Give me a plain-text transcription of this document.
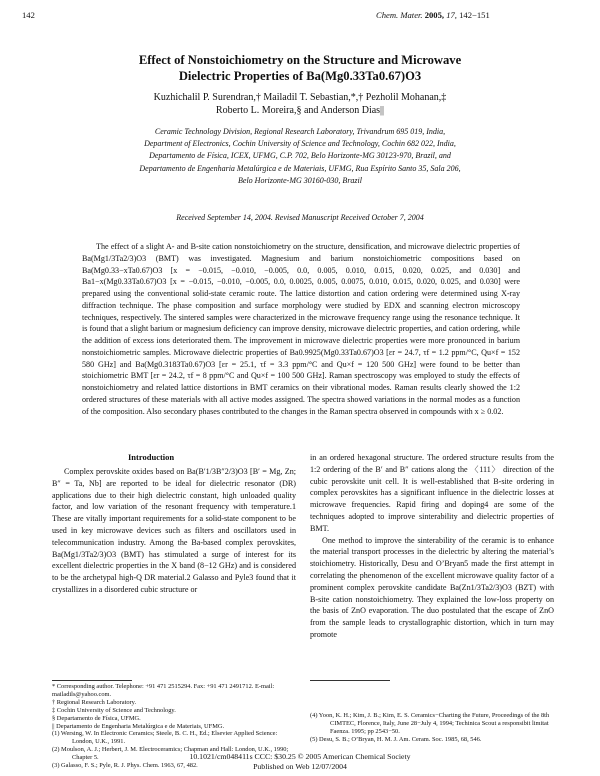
142	Chem. Mater. 2005, 17, 142−151
Effect of Nonstoichiometry on the Structure and Microwave
Dielectric Properties of Ba(Mg0.33Ta0.67)O3
Kuzhichalil P. Surendran,† Mailadil T. Sebastian,*,† Pezholil Mohanan,‡
Roberto L. Moreira,§ and Anderson Dias||
Ceramic Technology Division, Regional Research Laboratory, Trivandrum 695 019, India,
Department of Electronics, Cochin University of Science and Technology, Cochin 682 022, India,
Departamento de Física, ICEX, UFMG, C.P. 702, Belo Horizonte-MG 30123-970, Brazil, and
Departamento de Engenharia Metalúrgica e de Materiais, UFMG, Rua Espírito Santo 35, Sala 206,
Belo Horizonte-MG 30160-030, Brazil
Received September 14, 2004. Revised Manuscript Received October 7, 2004
The effect of a slight A- and B-site cation nonstoichiometry on the structure, densification, and microwave dielectric properties of Ba(Mg1/3Ta2/3)O3 (BMT) was investigated. Magnesium and barium nonstoichiometric compositions based on Ba(Mg0.33−xTa0.67)O3 [x = −0.015, −0.010, −0.005, 0.0, 0.005, 0.010, 0.015, 0.020, 0.025, and 0.030] and Ba1−x(Mg0.33Ta0.67)O3 [x = −0.015, −0.010, −0.005, 0.0, 0.0025, 0.005, 0.0075, 0.010, 0.015, 0.020, 0.025, and 0.030] were prepared using the conventional solid-state ceramic route. The lattice distortion and cation ordering were determined using X-ray diffraction technique. The phase composition and surface morphology were studied by EDX and scanning electron microscopy techniques, respectively. The sintered samples were characterized in the microwave frequency range using the resonance technique. It is found that a slight barium or magnesium deficiency can improve density, microwave dielectric properties, and cation ordering, while the addition of excess ions deteriorated them. The improvement in microwave dielectric properties were more pronounced in barium nonstoichiometric samples. Microwave dielectric properties of Ba0.9925(Mg0.33Ta0.67)O3 [εr = 24.7, τf = 1.2 ppm/°C, Qu×f = 152 580 GHz] and Ba(Mg0.3183Ta0.67)O3 [εr = 25.1, τf = 3.3 ppm/°C and Qu×f = 120 500 GHz] were found to be better than stoichiometric BMT [εr = 24.2, τf = 8 ppm/°C and Qu×f = 100 500 GHz]. Raman spectroscopy was employed to study the effects of nonstoichiometry and related lattice distortions in BMT ceramics on their vibrational modes. Raman results clearly showed the 1:2 ordered structures of these materials with all active modes assigned. The spectra showed variations in the normal modes as a function of the composition. Also secondary phases contributed to the changes in the Raman spectra observed in compounds with x ≥ 0.02.
Introduction

Complex perovskite oxides based on Ba(B′1/3B″2/3)O3 [B′ = Mg, Zn; B″ = Ta, Nb] are reported to be ideal for dielectric resonator (DR) applications due to their high dielectric constant, high unloaded quality factor, and low variation of the resonant frequency with temperature.1 These are vitally important requirements for a solid-state component to be used in key microwave devices such as filters and oscillators used in telecommunication industry. Among the Ba-based complex perovskites, Ba(Mg1/3Ta2/3)O3 (BMT) has stimulated a surge of interest for its excellent dielectric properties in the X band (8−12 GHz) and is considered to be the archetypal high-Q DR material.2 Galasso and Pyle3 found that it crystallizes in a disordered cubic structure or

in an ordered hexagonal structure. The ordered structure results from the 1:2 ordering of the B′ and B″ cations along the 〈111〉 direction of the cubic perovskite unit cell. It is well-established that B-site ordering in complex perovskites has a significant influence in the dielectric losses at microwave frequencies. Rapid firing and doping4 are some of the techniques adopted to improve sinterability and dielectric properties of BMT.

One method to improve the sinterability of the ceramic is to enhance the material transport processes in the dielectric by altering the material’s stoichiometry. Historically, Desu and O’Bryan5 made the first attempt in correlating the phenomenon of the excellent microwave quality factor of a prominent complex perovskite candidate Ba(Zn1/3Ta2/3)O3 (BZT) with B-site cation nonstoichiometry. They explained the low-loss property on the basis of ZnO evaporation. The duo postulated that the escape of ZnO from the sample leads to crystallographic distortion, which in turn may promote

* Corresponding author. Telephone: +91 471 2515294. Fax: +91 471 2491712. E-mail: mailadils@yahoo.com.
† Regional Research Laboratory.
‡ Cochin University of Science and Technology.
§ Departamento de Física, UFMG.
|| Departamento de Engenharia Metalúrgica e de Materiais, UFMG.
(1) Wersing, W. In Electronic Ceramics; Steele, B. C. H., Ed.; Elsevier Applied Science: London, U.K., 1991.
(2) Moulson, A. J.; Herbert, J. M. Electroceramics; Chapman and Hall: London, U.K., 1990; Chapter 5.
(3) Galasso, F. S.; Pyle, R. J. Phys. Chem. 1963, 67, 482.
(4) Yoon, K. H.; Kim, J. B.; Kim, E. S. Ceramics−Charting the Future, Proceedings of the 8th CIMTEC, Florence, Italy, June 28−July 4, 1994; Techinica Scout a responsibit limitat Faenza. 1995; pp 2543−50.
(5) Desu, S. B.; O’Bryan, H. M. J. Am. Ceram. Soc. 1985, 68, 546.
10.1021/cm048411s CCC: $30.25 © 2005 American Chemical Society
Published on Web 12/07/2004
